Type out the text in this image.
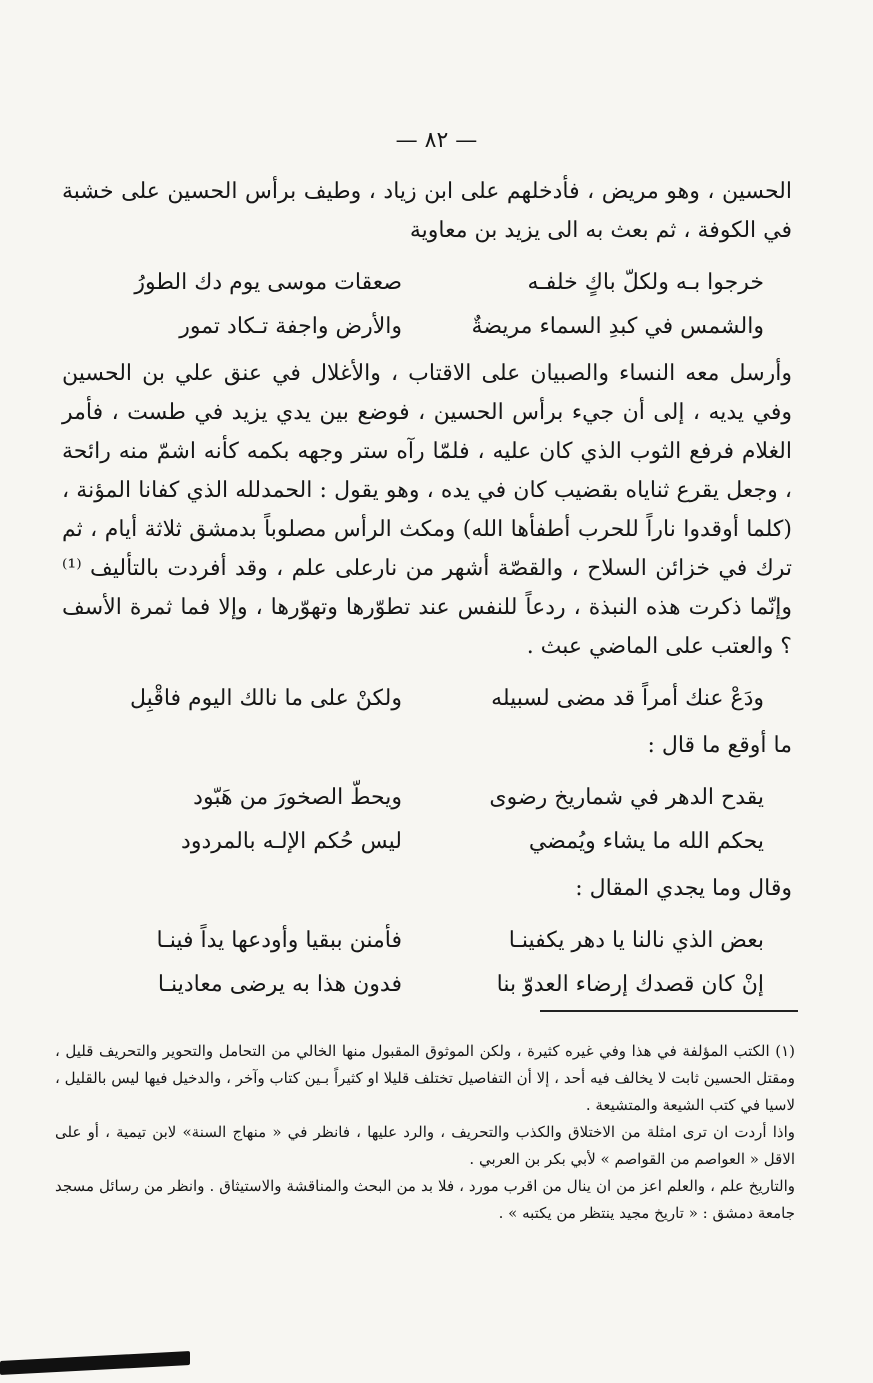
— ٨٢ —

الحسين ، وهو مريض ، فأدخلهم على ابن زياد ، وطيف برأس الحسين على خشبة في الكوفة ، ثم بعث به الى يزيد بن معاوية

خرجوا بـه ولكلّ باكٍ خلفـه
صعقات موسى يوم دك الطورُ
والشمس في كبدِ السماء مريضةٌ
والأرض واجفة تـكاد تمور

وأرسل معه النساء والصبيان على الاقتاب ، والأغلال في عنق علي بن الحسين وفي يديه ، إلى أن جيء برأس الحسين ، فوضع بين يدي يزيد في طست ، فأمر الغلام فرفع الثوب الذي كان عليه ، فلمّا رآه ستر وجهه بكمه كأنه اشمّ منه رائحة ، وجعل يقرع ثناياه بقضيب كان في يده ، وهو يقول : الحمدلله الذي كفانا المؤنة ، (كلما أوقدوا ناراً للحرب أطفأها الله) ومكث الرأس مصلوباً بدمشق ثلاثة أيام ، ثم ترك في خزائن السلاح ، والقصّة أشهر من نارعلى علم ، وقد أفردت بالتأليف ⁽¹⁾ وإنّما ذكرت هذه النبذة ، ردعاً للنفس عند تطوّرها وتهوّرها ، وإلا فما ثمرة الأسف ؟ والعتب على الماضي عبث .

ودَعْ عنك أمراً قد مضى لسبيله
ولكنْ على ما نالك اليوم فاقْبِل

ما أوقع ما قال :

يقدح الدهر في شماريخ رضوى
ويحطّ الصخورَ من هَبّود
يحكم الله ما يشاء ويُمضي
ليس حُكم الإلـه بالمردود

وقال وما يجدي المقال :

بعض الذي نالنا يا دهر يكفينـا
فأمنن ببقيا وأودعها يداً فينـا
إنْ كان قصدك إرضاء العدوّ بنا
فدون هذا به يرضى معادينـا

(١) الكتب المؤلفة في هذا وفي غيره كثيرة ، ولكن الموثوق المقبول منها الخالي من التحامل والتحوير والتحريف قليل ، ومقتل الحسين ثابت لا يخالف فيه أحد ، إلا أن التفاصيل تختلف قليلا او كثيراً بـين كتاب وآخر ، والدخيل فيها ليس بالقليل ، لاسيا في كتب الشيعة والمتشيعة .

واذا أردت ان ترى امثلة من الاختلاق والكذب والتحريف ، والرد عليها ، فانظر في « منهاج السنة» لابن تيمية ، أو على الاقل « العواصم من القواصم » لأبي بكر بن العربي .

والتاريخ علم ، والعلم اعز من ان ينال من اقرب مورد ، فلا بد من البحث والمناقشة والاستيثاق . وانظر من رسائل مسجد جامعة دمشق : « تاريخ مجيد ينتظر من يكتبه » .
